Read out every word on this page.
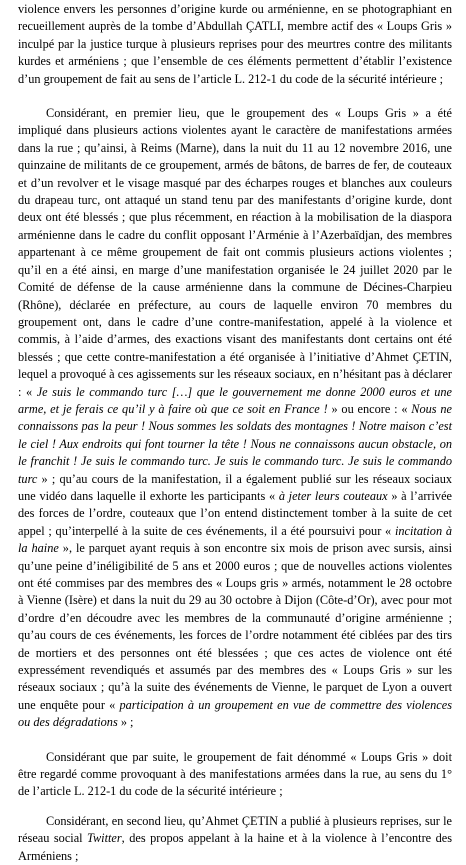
violence envers les personnes d’origine kurde ou arménienne, en se photographiant en recueillement auprès de la tombe d’Abdullah ÇATLI, membre actif des « Loups Gris » inculpé par la justice turque à plusieurs reprises pour des meurtres contre des militants kurdes et arméniens ; que l’ensemble de ces éléments permettent d’établir l’existence d’un groupement de fait au sens de l’article L. 212-1 du code de la sécurité intérieure ;

Considérant, en premier lieu, que le groupement des « Loups Gris » a été impliqué dans plusieurs actions violentes ayant le caractère de manifestations armées dans la rue ; qu’ainsi, à Reims (Marne), dans la nuit du 11 au 12 novembre 2016, une quinzaine de militants de ce groupement, armés de bâtons, de barres de fer, de couteaux et d’un revolver et le visage masqué par des écharpes rouges et blanches aux couleurs du drapeau turc, ont attaqué un stand tenu par des manifestants d’origine kurde, dont deux ont été blessés ; que plus récemment, en réaction à la mobilisation de la diaspora arménienne dans le cadre du conflit opposant l’Arménie à l’Azerbaïdjan, des membres appartenant à ce même groupement de fait ont commis plusieurs actions violentes ; qu’il en a été ainsi, en marge d’une manifestation organisée le 24 juillet 2020 par le Comité de défense de la cause arménienne dans la commune de Décines-Charpieu (Rhône), déclarée en préfecture, au cours de laquelle environ 70 membres du groupement ont, dans le cadre d’une contre-manifestation, appelé à la violence et commis, à l’aide d’armes, des exactions visant des manifestants dont certains ont été blessés ; que cette contre-manifestation a été organisée à l’initiative d’Ahmet ÇETIN, lequel a provoqué à ces agissements sur les réseaux sociaux, en n’hésitant pas à déclarer : « Je suis le commando turc […] que le gouvernement me donne 2000 euros et une arme, et je ferais ce qu’il y à faire où que ce soit en France ! » ou encore : « Nous ne connaissons pas la peur ! Nous sommes les soldats des montagnes ! Notre maison c’est le ciel ! Aux endroits qui font tourner la tête ! Nous ne connaissons aucun obstacle, on le franchit ! Je suis le commando turc. Je suis le commando turc. Je suis le commando turc » ; qu’au cours de la manifestation, il a également publié sur les réseaux sociaux une vidéo dans laquelle il exhorte les participants « à jeter leurs couteaux » à l’arrivée des forces de l’ordre, couteaux que l’on entend distinctement tomber à la suite de cet appel ; qu’interpellé à la suite de ces événements, il a été poursuivi pour « incitation à la haine », le parquet ayant requis à son encontre six mois de prison avec sursis, ainsi qu’une peine d’inéligibilité de 5 ans et 2000 euros ; que de nouvelles actions violentes ont été commises par des membres des « Loups gris » armés, notamment le 28 octobre à Vienne (Isère) et dans la nuit du 29 au 30 octobre à Dijon (Côte-d’Or), avec pour mot d’ordre d’en découdre avec les membres de la communauté d’origine arménienne ; qu’au cours de ces événements, les forces de l’ordre notamment été ciblées par des tirs de mortiers et des personnes ont été blessées ; que ces actes de violence ont été expressément revendiqués et assumés par des membres des « Loups Gris » sur les réseaux sociaux ; qu’à la suite des événements de Vienne, le parquet de Lyon a ouvert une enquête pour « participation à un groupement en vue de commettre des violences ou des dégradations » ;

Considérant que par suite, le groupement de fait dénommé « Loups Gris » doit être regardé comme provoquant à des manifestations armées dans la rue, au sens du 1° de l’article L. 212-1 du code de la sécurité intérieure ;

Considérant, en second lieu, qu’Ahmet ÇETIN a publié à plusieurs reprises, sur le réseau social Twitter, des propos appelant à la haine et à la violence à l’encontre des Arméniens ;
